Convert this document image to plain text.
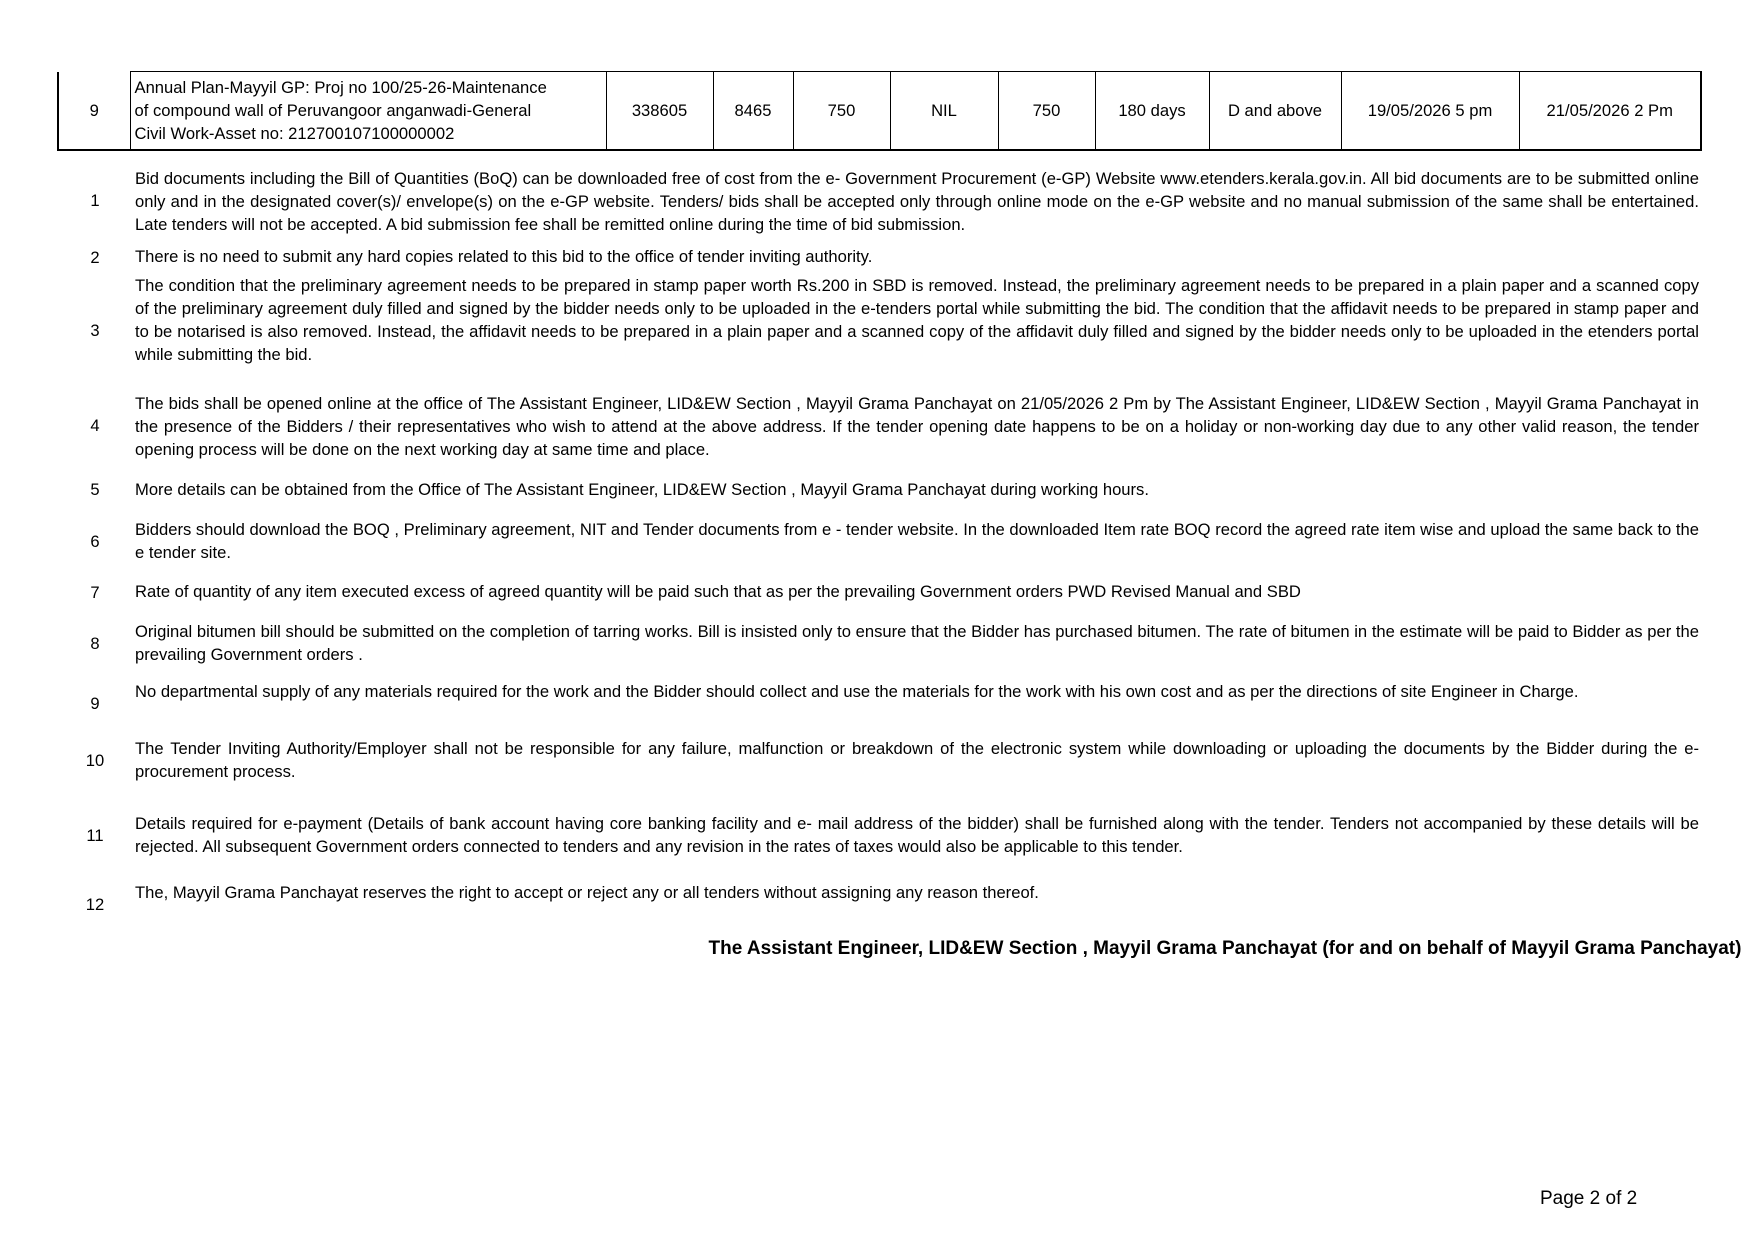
9	Annual Plan-Mayyil GP: Proj no 100/25-26-Maintenance
of compound wall of Peruvangoor anganwadi-General
Civil Work-Asset no: 212700107100000002	338605	8465	750	NIL	750	180 days	D and above	19/05/2026 5 pm	21/05/2026 2 Pm
1
Bid documents including the Bill of Quantities (BoQ) can be downloaded free of cost from the e- Government Procurement (e-GP) Website www.etenders.kerala.gov.in. All bid documents are to be submitted online only and in the designated cover(s)/ envelope(s) on the e-GP website. Tenders/ bids shall be accepted only through online mode on the e-GP website and no manual submission of the same shall be entertained. Late tenders will not be accepted. A bid submission fee shall be remitted online during the time of bid submission.
2	There is no need to submit any hard copies related to this bid to the office of tender inviting authority.
3
The condition that the preliminary agreement needs to be prepared in stamp paper worth Rs.200 in SBD is removed. Instead, the preliminary agreement needs to be prepared in a plain paper and a scanned copy of the preliminary agreement duly filled and signed by the bidder needs only to be uploaded in the e-tenders portal while submitting the bid. The condition that the affidavit needs to be prepared in stamp paper and to be notarised is also removed. Instead, the affidavit needs to be prepared in a plain paper and a scanned copy of the affidavit duly filled and signed by the bidder needs only to be uploaded in the etenders portal while submitting the bid.
4
The bids shall be opened online at the office of The Assistant Engineer, LID&EW Section , Mayyil Grama Panchayat on 21/05/2026 2 Pm by The Assistant Engineer, LID&EW Section , Mayyil Grama Panchayat in the presence of the Bidders / their representatives who wish to attend at the above address. If the tender opening date happens to be on a holiday or non-working day due to any other valid reason, the tender opening process will be done on the next working day at same time and place.
5	More details can be obtained from the Office of The Assistant Engineer, LID&EW Section , Mayyil Grama Panchayat during working hours.
6
Bidders should download the BOQ , Preliminary agreement, NIT and Tender documents from e - tender website. In the downloaded Item rate BOQ record the agreed rate item wise and upload the same back to the e tender site.
7	Rate of quantity of any item executed excess of agreed quantity will be paid such that as per the prevailing Government orders PWD Revised Manual and SBD
8
Original bitumen bill should be submitted on the completion of tarring works. Bill is insisted only to ensure that the Bidder has purchased bitumen. The rate of bitumen in the estimate will be paid to Bidder as per the prevailing Government orders .
9
No departmental supply of any materials required for the work and the Bidder should collect and use the materials for the work with his own cost and as per the directions of site Engineer in Charge.
10
The Tender Inviting Authority/Employer shall not be responsible for any failure, malfunction or breakdown of the electronic system while downloading or uploading the documents by the Bidder during the e-procurement process.
11
Details required for e-payment (Details of bank account having core banking facility and e- mail address of the bidder) shall be furnished along with the tender. Tenders not accompanied by these details will be rejected. All subsequent Government orders connected to tenders and any revision in the rates of taxes would also be applicable to this tender.
12
The, Mayyil Grama Panchayat reserves the right to accept or reject any or all tenders without assigning any reason thereof.
The Assistant Engineer, LID&EW Section , Mayyil Grama Panchayat (for and on behalf of Mayyil Grama Panchayat)
Page 2 of 2
